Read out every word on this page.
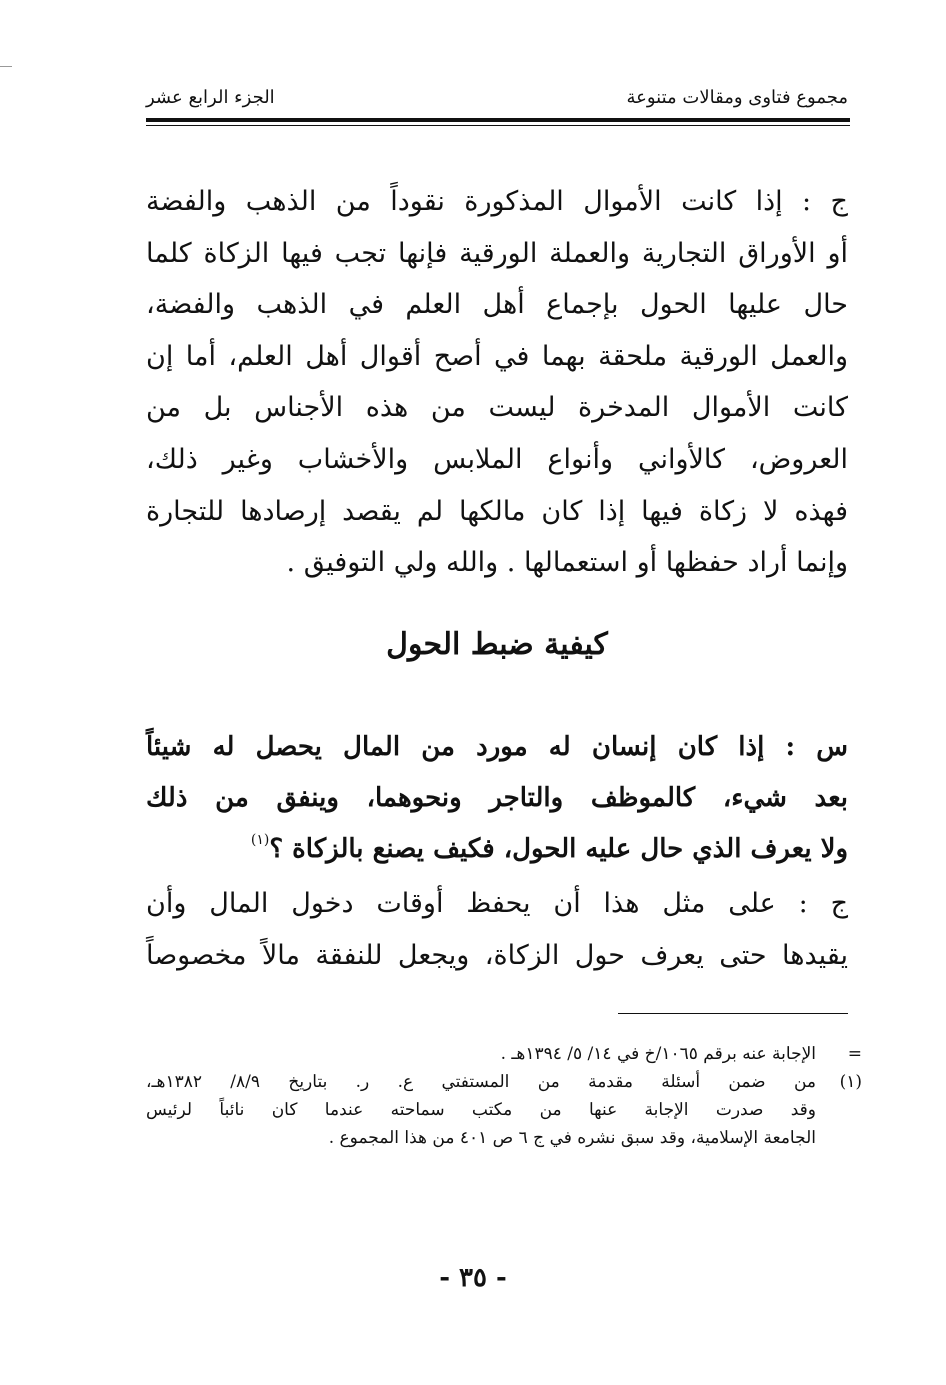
مجموع فتاوى ومقالات متنوعة
الجزء الرابع عشر
ج : إذا كانت الأموال المذكورة نقوداً من الذهب والفضة
أو الأوراق التجارية والعملة الورقية فإنها تجب فيها الزكاة كلما
حال عليها الحول بإجماع أهل العلم في الذهب والفضة،
والعمل الورقية ملحقة بهما في أصح أقوال أهل العلم، أما إن
كانت الأموال المدخرة ليست من هذه الأجناس بل من
العروض، كالأواني وأنواع الملابس والأخشاب وغير ذلك،
فهذه لا زكاة فيها إذا كان مالكها لم يقصد إرصادها للتجارة
وإنما أراد حفظها أو استعمالها . والله ولي التوفيق .
كيفية ضبط الحول
س : إذا كان إنسان له مورد من المال يحصل له شيئاً
بعد شيء، كالموظف والتاجر ونحوهما، وينفق من ذلك
ولا يعرف الذي حال عليه الحول، فكيف يصنع بالزكاة ؟$^{(١)}$
ج : على مثل هذا أن يحفظ أوقات دخول المال وأن
يقيدها حتى يعرف حول الزكاة، ويجعل للنفقة مالاً مخصوصاً
=
الإجابة عنه برقم ١٠٦٥/خ في ١٤/ ٥/ ١٣٩٤هـ .
(١)
من ضمن أسئلة مقدمة من المستفتي ع. ر. بتاريخ ٨/٩/ ١٣٨٢هـ،
وقد صدرت الإجابة عنها من مكتب سماحته عندما كان نائباً لرئيس
الجامعة الإسلامية، وقد سبق نشره في ج ٦ ص ٤٠١ من هذا المجموع .
- ٣٥ -
